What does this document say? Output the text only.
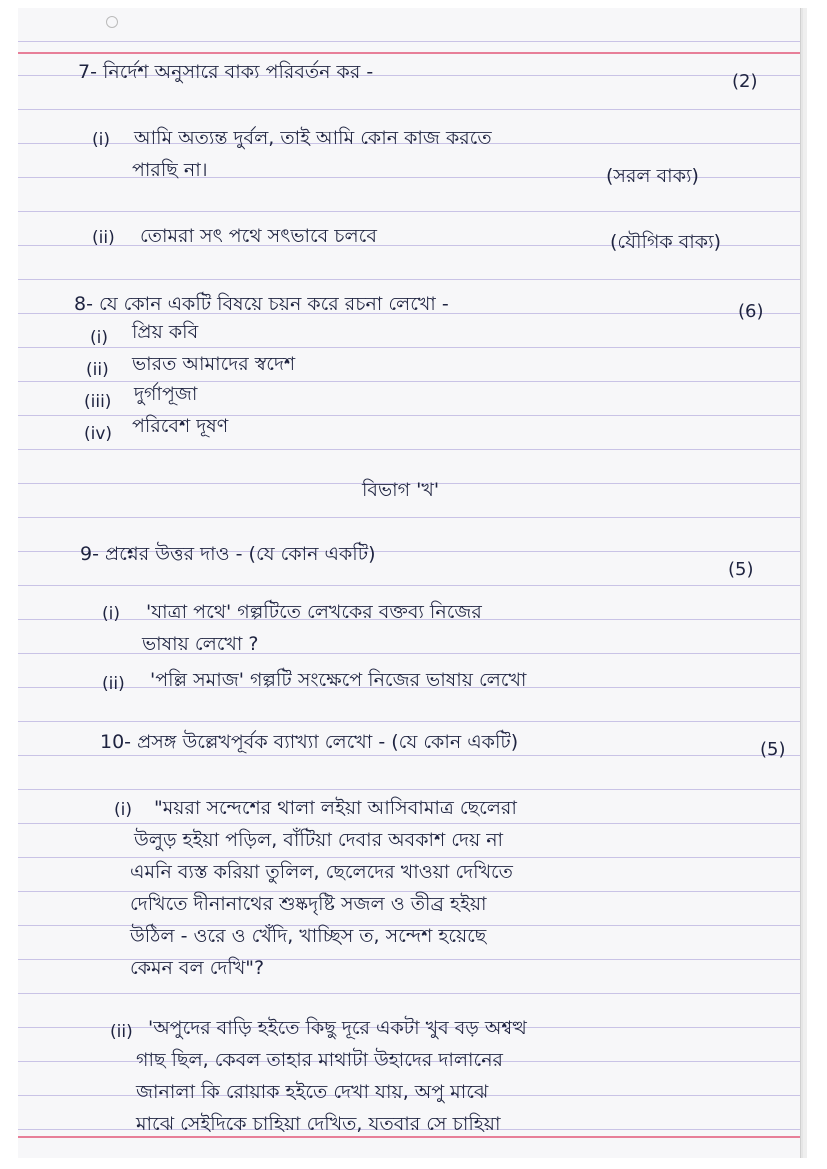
7- নির্দেশ অনুসারে বাক্য পরিবর্তন কর -	(2)
(i) আমি অত্যন্ত দুর্বল, তাই আমি কোন কাজ করতে
পারছি না।	(সরল বাক্য)
(ii) তোমরা সৎ পথে সৎভাবে চলবে	(যৌগিক বাক্য)
8- যে কোন একটি বিষয়ে চয়ন করে রচনা লেখো -	(6)
(i) প্রিয় কবি
(ii) ভারত আমাদের স্বদেশ
(iii) দুর্গাপূজা
(iv) পরিবেশ দূষণ
বিভাগ 'খ'
9- প্রশ্নের উত্তর দাও - (যে কোন একটি)
(5)
(i) 'যাত্রা পথে' গল্পটিতে লেখকের বক্তব্য নিজের
ভাষায় লেখো ?
(ii) 'পল্লি সমাজ' গল্পটি সংক্ষেপে নিজের ভাষায় লেখো
10- প্রসঙ্গ উল্লেখপূর্বক ব্যাখ্যা লেখো - (যে কোন একটি)	(5)
(i) "ময়রা সন্দেশের থালা লইয়া আসিবামাত্র ছেলেরা
উলুড় হইয়া পড়িল, বাঁটিয়া দেবার অবকাশ দেয় না
এমনি ব্যস্ত করিয়া তুলিল, ছেলেদের খাওয়া দেখিতে
দেখিতে দীনানাথের শুষ্কদৃষ্টি সজল ও তীব্র হইয়া
উঠিল - ওরে ও খেঁদি, খাচ্ছিস ত, সন্দেশ হয়েছে
কেমন বল দেখি"?
(ii) 'অপুদের বাড়ি হইতে কিছু দূরে একটা খুব বড় অশ্বত্থ
গাছ ছিল, কেবল তাহার মাথাটা উহাদের দালানের
জানালা কি রোয়াক হইতে দেখা যায়, অপু মাঝে
মাঝে সেইদিকে চাহিয়া দেখিত, যতবার সে চাহিয়া
